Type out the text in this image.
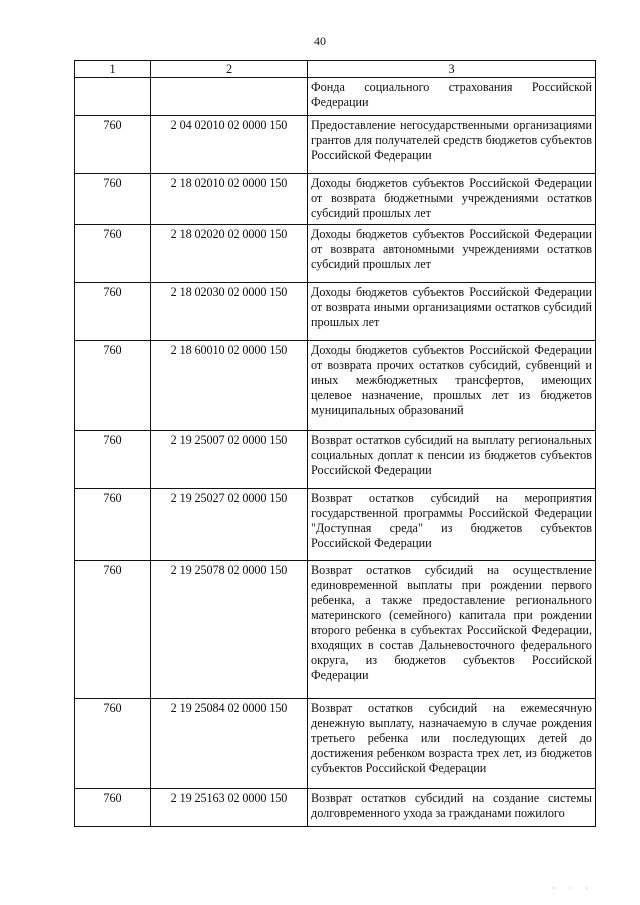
40
1	2	3
		Фонда социального страхования Российской Федерации
760	2 04 02010 02 0000 150	Предоставление негосударственными организациями грантов для получателей средств бюджетов субъектов Российской Федерации
760	2 18 02010 02 0000 150	Доходы бюджетов субъектов Российской Федерации от возврата бюджетными учреждениями остатков субсидий прошлых лет
760	2 18 02020 02 0000 150	Доходы бюджетов субъектов Российской Федерации от возврата автономными учреждениями остатков субсидий прошлых лет
760	2 18 02030 02 0000 150	Доходы бюджетов субъектов Российской Федерации от возврата иными организациями остатков субсидий прошлых лет
760	2 18 60010 02 0000 150	Доходы бюджетов субъектов Российской Федерации от возврата прочих остатков субсидий, субвенций и иных межбюджетных трансфертов, имеющих целевое назначение, прошлых лет из бюджетов муниципальных образований
760	2 19 25007 02 0000 150	Возврат остатков субсидий на выплату региональных социальных доплат к пенсии из бюджетов субъектов Российской Федерации
760	2 19 25027 02 0000 150	Возврат остатков субсидий на мероприятия государственной программы Российской Федерации "Доступная среда" из бюджетов субъектов Российской Федерации
760	2 19 25078 02 0000 150	Возврат остатков субсидий на осуществление единовременной выплаты при рождении первого ребенка, а также предоставление регионального материнского (семейного) капитала при рождении второго ребенка в субъектах Российской Федерации, входящих в состав Дальневосточного федерального округа, из бюджетов субъектов Российской Федерации
760	2 19 25084 02 0000 150	Возврат остатков субсидий на ежемесячную денежную выплату, назначаемую в случае рождения третьего ребенка или последующих детей до достижения ребенком возраста трех лет, из бюджетов субъектов Российской Федерации
760	2 19 25163 02 0000 150	Возврат остатков субсидий на создание системы долговременного ухода за гражданами пожилого
· · ·
